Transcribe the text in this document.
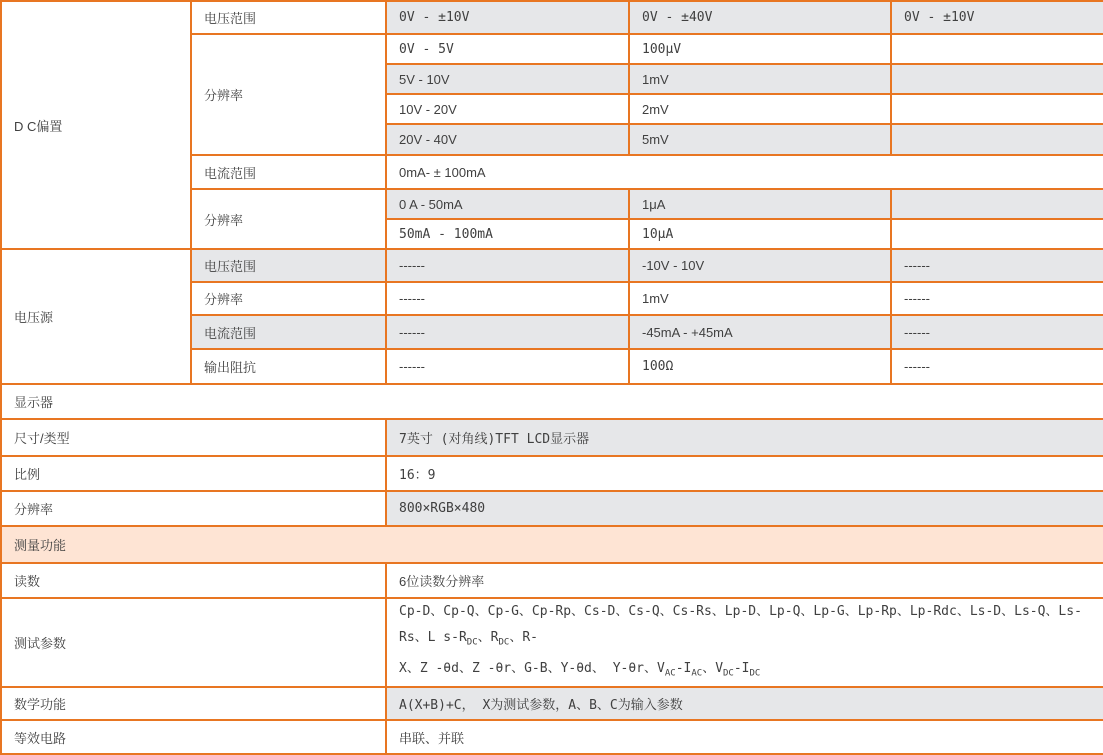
D C偏置	电压范围	0V - ±10V	0V - ±40V	0V - ±10V
	分辨率	0V - 5V	100μV	
		5V - 10V	1mV	
		10V - 20V	2mV	
		20V - 40V	5mV	
	电流范围	0mA- ± 100mA		
	分辨率	0 A - 50mA	1μA	
		50mA - 100mA	10μA	
电压源	电压范围	------	-10V - 10V	------
	分辨率	------	1mV	------
	电流范围	------	-45mA - +45mA	------
	输出阻抗	------	100Ω	------
显示器				
尺寸/类型		7英寸 (对角线)TFT LCD显示器		
比例		16：9		
分辨率		800×RGB×480		
测量功能				
读数		6位读数分辨率		
测试参数		Cp-D、Cp-Q、Cp-G、Cp-Rp、Cs-D、Cs-Q、Cs-Rs、Lp-D、Lp-Q、Lp-G、Lp-Rp、Lp-Rdc、Ls-D、Ls-Q、Ls-Rs、L $s-R_{DC}$、$R_{DC}$、R-
X、Z -θd、Z -θr、G-B、Y-θd、 Y-θr、$V_{AC}-I_{AC}$、$V_{DC}-I_{DC}$

数学功能		A(X+B)+C， X为测试参数，A、B、C为输入参数		
等效电路		串联、并联		
